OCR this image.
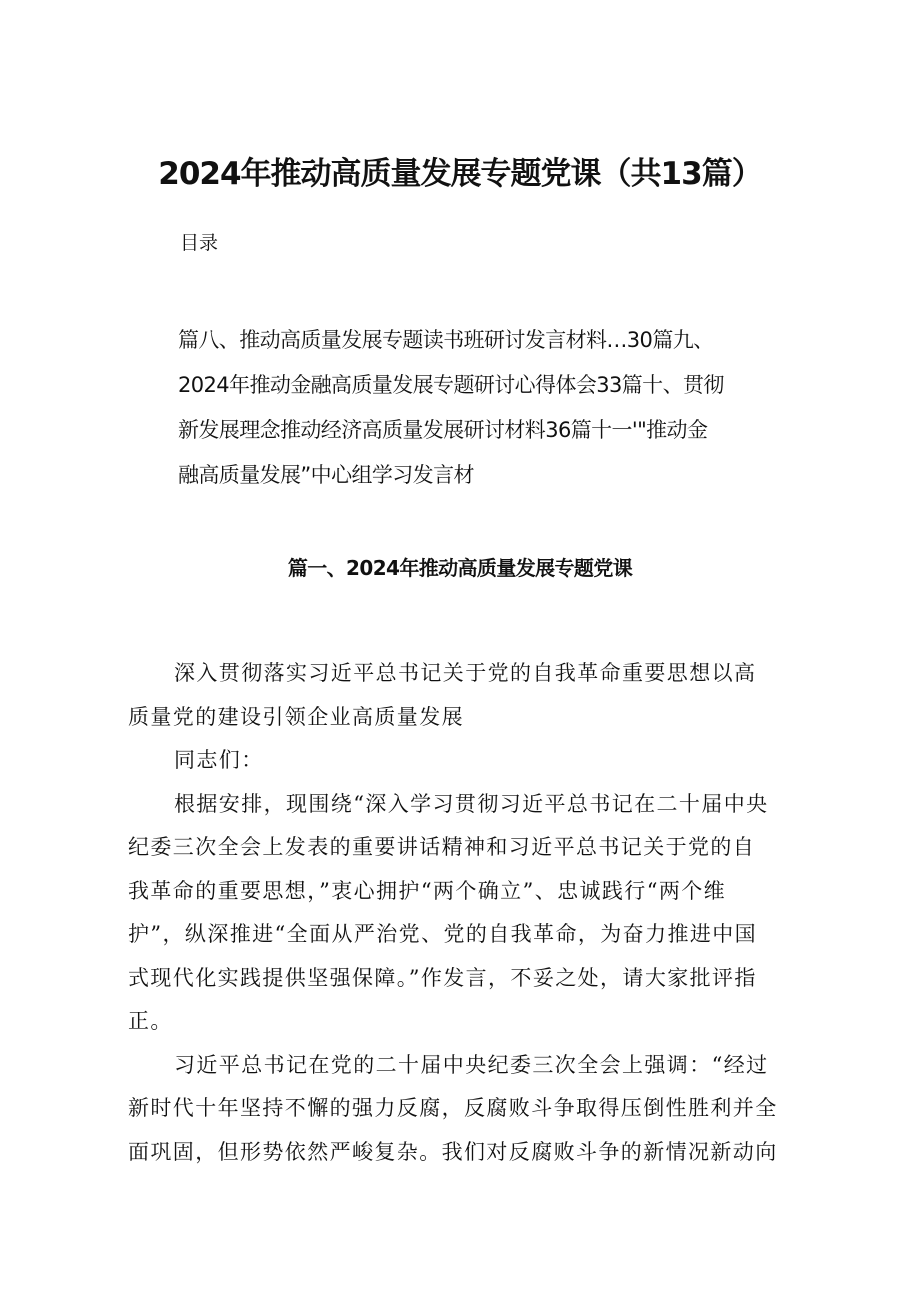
2024年推动高质量发展专题党课（共13篇）
目录
篇八、推动高质量发展专题读书班研讨发言材料…30篇九、
2024年推动金融高质量发展专题研讨心得体会33篇十、贯彻
新发展理念推动经济高质量发展研讨材料36篇十一'"推动金
融高质量发展”中心组学习发言材
篇一、2024年推动高质量发展专题党课
深入贯彻落实习近平总书记关于党的自我革命重要思想以高
质量党的建设引领企业高质量发展
同志们：
根据安排，现围绕“深入学习贯彻习近平总书记在二十届中央
纪委三次全会上发表的重要讲话精神和习近平总书记关于党的自
我革命的重要思想，”衷心拥护“两个确立”、忠诚践行“两个维
护”，纵深推进“全面从严治党、党的自我革命，为奋力推进中国
式现代化实践提供坚强保障。”作发言，不妥之处，请大家批评指
正。
习近平总书记在党的二十届中央纪委三次全会上强调：“经过
新时代十年坚持不懈的强力反腐，反腐败斗争取得压倒性胜利并全
面巩固，但形势依然严峻复杂。我们对反腐败斗争的新情况新动向
